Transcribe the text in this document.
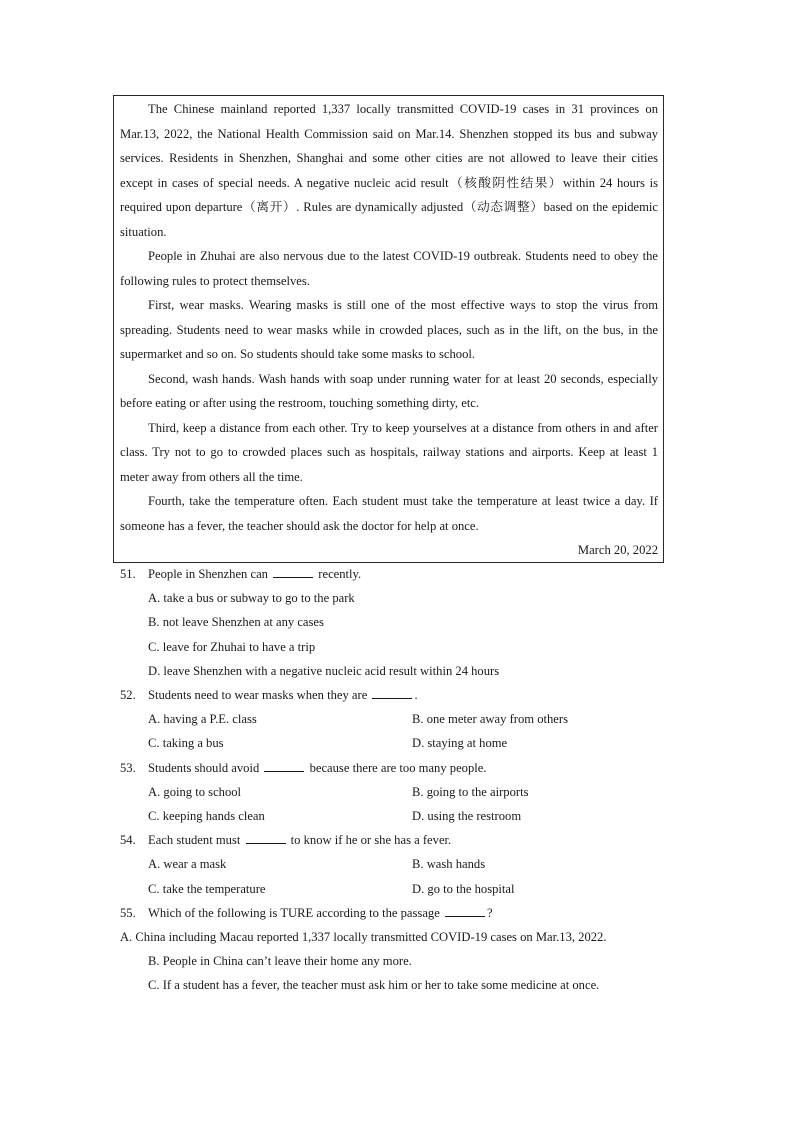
The Chinese mainland reported 1,337 locally transmitted COVID-19 cases in 31 provinces on Mar.13, 2022, the National Health Commission said on Mar.14. Shenzhen stopped its bus and subway services. Residents in Shenzhen, Shanghai and some other cities are not allowed to leave their cities except in cases of special needs. A negative nucleic acid result（核酸阴性结果）within 24 hours is required upon departure（离开）. Rules are dynamically adjusted（动态调整）based on the epidemic situation.

People in Zhuhai are also nervous due to the latest COVID-19 outbreak. Students need to obey the following rules to protect themselves.

First, wear masks. Wearing masks is still one of the most effective ways to stop the virus from spreading. Students need to wear masks while in crowded places, such as in the lift, on the bus, in the supermarket and so on. So students should take some masks to school.

Second, wash hands. Wash hands with soap under running water for at least 20 seconds, especially before eating or after using the restroom, touching something dirty, etc.

Third, keep a distance from each other. Try to keep yourselves at a distance from others in and after class. Try not to go to crowded places such as hospitals, railway stations and airports. Keep at least 1 meter away from others all the time.

Fourth, take the temperature often. Each student must take the temperature at least twice a day. If someone has a fever, the teacher should ask the doctor for help at once.

March 20, 2022

51. People in Shenzhen can	recently.

A. take a bus or subway to go to the park

B. not leave Shenzhen at any cases

C. leave for Zhuhai to have a trip

D. leave Shenzhen with a negative nucleic acid result within 24 hours

52. Students need to wear masks when they are	.

A. having a P.E. class	B. one meter away from others
C. taking a bus	D. staying at home

53. Students should avoid	because there are too many people.

A. going to school	B. going to the airports
C. keeping hands clean	D. using the restroom

54. Each student must	to know if he or she has a fever.

A. wear a mask	B. wash hands
C. take the temperature	D. go to the hospital

55. Which of the following is TURE according to the passage	?

A. China including Macau reported 1,337 locally transmitted COVID-19 cases on Mar.13, 2022.

B. People in China can’t leave their home any more.

C. If a student has a fever, the teacher must ask him or her to take some medicine at once.
